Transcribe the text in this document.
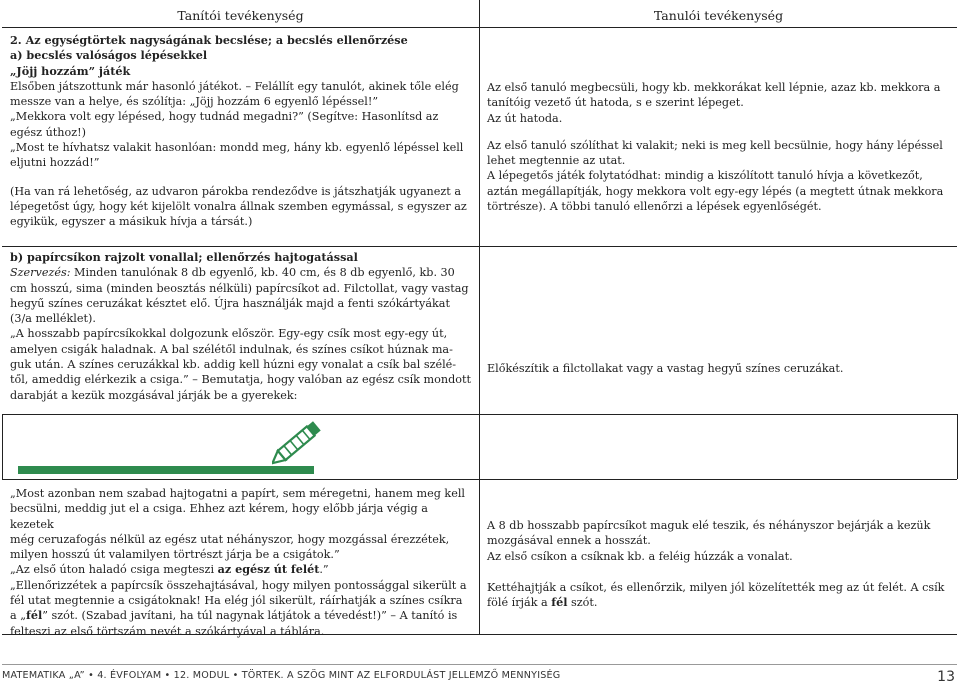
Tanítói tevékenység	Tanulói tevékenység

2. Az egységtörtek nagyságának becslése; a becslés ellenőrzése

a) becslés valóságos lépésekkel

„Jöjj hozzám” játék

Elsőben játszottunk már hasonló játékot. – Felállít egy tanulót, akinek tőle elég

messze van a helye, és szólítja: „Jöjj hozzám 6 egyenlő lépéssel!”

„Mekkora volt egy lépésed, hogy tudnád megadni?” (Segítve: Hasonlítsd az

egész úthoz!)

„Most te hívhatsz valakit hasonlóan: mondd meg, hány kb. egyenlő lépéssel kell

eljutni hozzád!”

(Ha van rá lehetőség, az udvaron párokba rendeződve is játszhatják ugyanezt a

lépegetőst úgy, hogy két kijelölt vonalra állnak szemben egymással, s egyszer az

egyikük, egyszer a másikuk hívja a társát.)

b) papírcsíkon rajzolt vonallal; ellenőrzés hajtogatással

Szervezés: Minden tanulónak 8 db egyenlő, kb. 40 cm, és 8 db egyenlő, kb. 30

cm hosszú, sima (minden beosztás nélküli) papírcsíkot ad. Filctollat, vagy vastag

hegyű színes ceruzákat késztet elő. Újra használják majd a fenti szókártyákat

(3/a melléklet).

„A hosszabb papírcsíkokkal dolgozunk először. Egy-egy csík most egy-egy út,

amelyen csigák haladnak. A bal szélétől indulnak, és színes csíkot húznak ma-

guk után. A színes ceruzákkal kb. addig kell húzni egy vonalat a csík bal szélé-

től, ameddig elérkezik a csiga.” – Bemutatja, hogy valóban az egész csík mondott

darabját a kezük mozgásával járják be a gyerekek:

„Most azonban nem szabad hajtogatni a papírt, sem méregetni, hanem meg kell

becsülni, meddig jut el a csiga. Ehhez azt kérem, hogy előbb járja végig a kezetek

még ceruzafogás nélkül az egész utat néhányszor, hogy mozgással érezzétek,

milyen hosszú út valamilyen törtrészt járja be a csigátok.”

„Az első úton haladó csiga megteszi az egész út felét.”

„Ellenőrizzétek a papírcsík összehajtásával, hogy milyen pontossággal sikerült a

fél utat megtennie a csigátoknak! Ha elég jól sikerült, ráírhatják a színes csíkra

a „fél” szót. (Szabad javítani, ha túl nagynak látjátok a tévedést!)” – A tanító is

felteszi az első törtszám nevét a szókártyával a táblára.

Az első tanuló megbecsüli, hogy kb. mekkorákat kell lépnie, azaz kb. mekkora a

tanítóig vezető út hatoda, s e szerint lépeget.

Az út hatoda.

Az első tanuló szólíthat ki valakit; neki is meg kell becsülnie, hogy hány lépéssel

lehet megtennie az utat.

A lépegetős játék folytatódhat: mindig a kiszólított tanuló hívja a következőt,

aztán megállapítják, hogy mekkora volt egy-egy lépés (a megtett útnak mekkora

törtrésze). A többi tanuló ellenőrzi a lépések egyenlőségét.

Előkészítik a filctollakat vagy a vastag hegyű színes ceruzákat.

A 8 db hosszabb papírcsíkot maguk elé teszik, és néhányszor bejárják a kezük

mozgásával ennek a hosszát.

Az első csíkon a csíknak kb. a feléig húzzák a vonalat.

Kettéhajtják a csíkot, és ellenőrzik, milyen jól közelítették meg az út felét. A csík

fölé írják a fél szót.

MATEMATIKA „A” • 4. ÉVFOLYAM • 12. MODUL • TÖRTEK. A SZÖG MINT AZ ELFORDULÁST JELLEMZŐ MENNYISÉG	13
